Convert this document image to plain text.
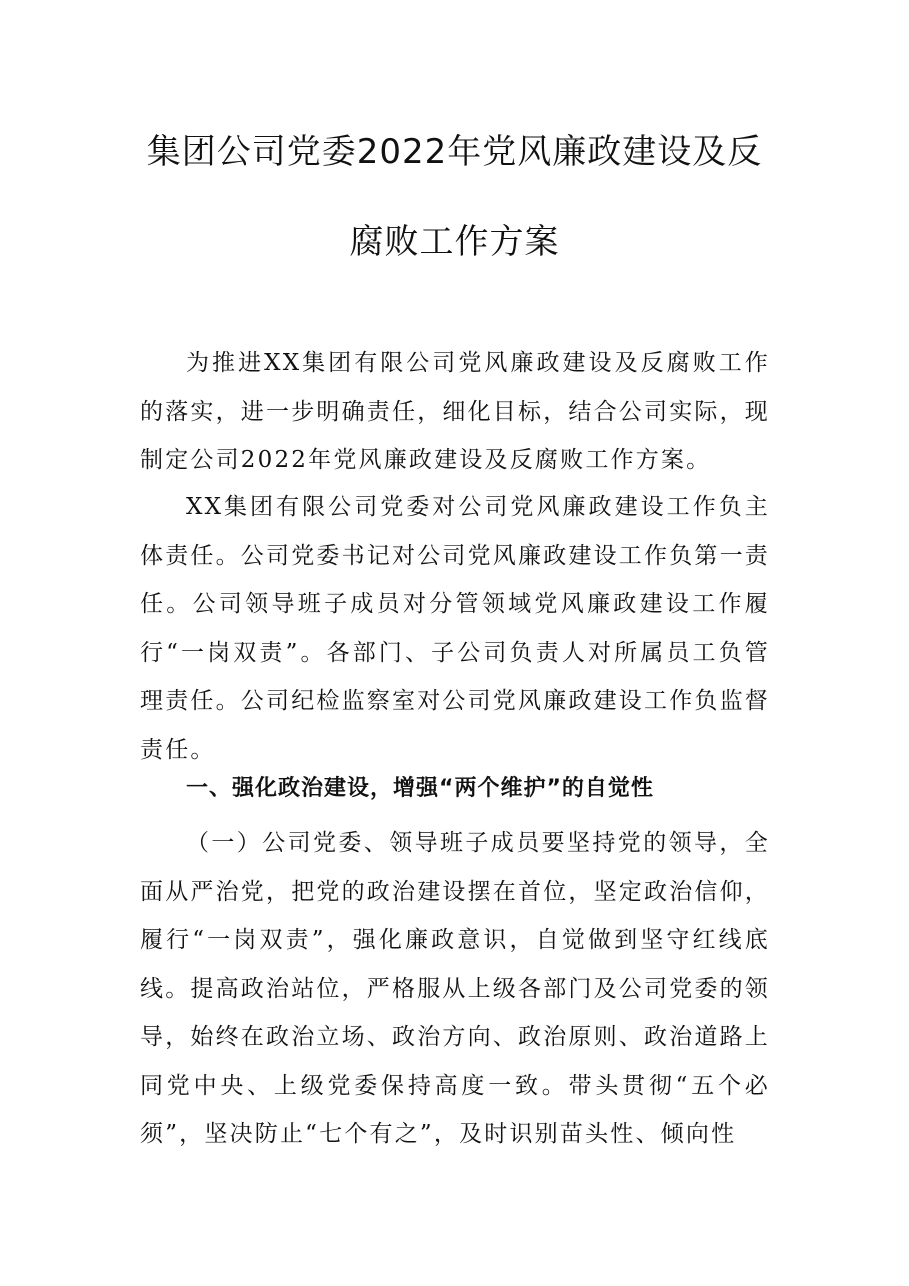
集团公司党委2022年党风廉政建设及反
腐败工作方案

为推进XX集团有限公司党风廉政建设及反腐败工作的落实，进一步明确责任，细化目标，结合公司实际，现制定公司2022年党风廉政建设及反腐败工作方案。

XX集团有限公司党委对公司党风廉政建设工作负主体责任。公司党委书记对公司党风廉政建设工作负第一责任。公司领导班子成员对分管领域党风廉政建设工作履行“一岗双责”。各部门、子公司负责人对所属员工负管理责任。公司纪检监察室对公司党风廉政建设工作负监督责任。

一、强化政治建设，增强“两个维护”的自觉性

（一）公司党委、领导班子成员要坚持党的领导，全面从严治党，把党的政治建设摆在首位，坚定政治信仰，履行“一岗双责”，强化廉政意识，自觉做到坚守红线底线。提高政治站位，严格服从上级各部门及公司党委的领导，始终在政治立场、政治方向、政治原则、政治道路上同党中央、上级党委保持高度一致。带头贯彻“五个必须”，坚决防止“七个有之”，及时识别苗头性、倾向性
